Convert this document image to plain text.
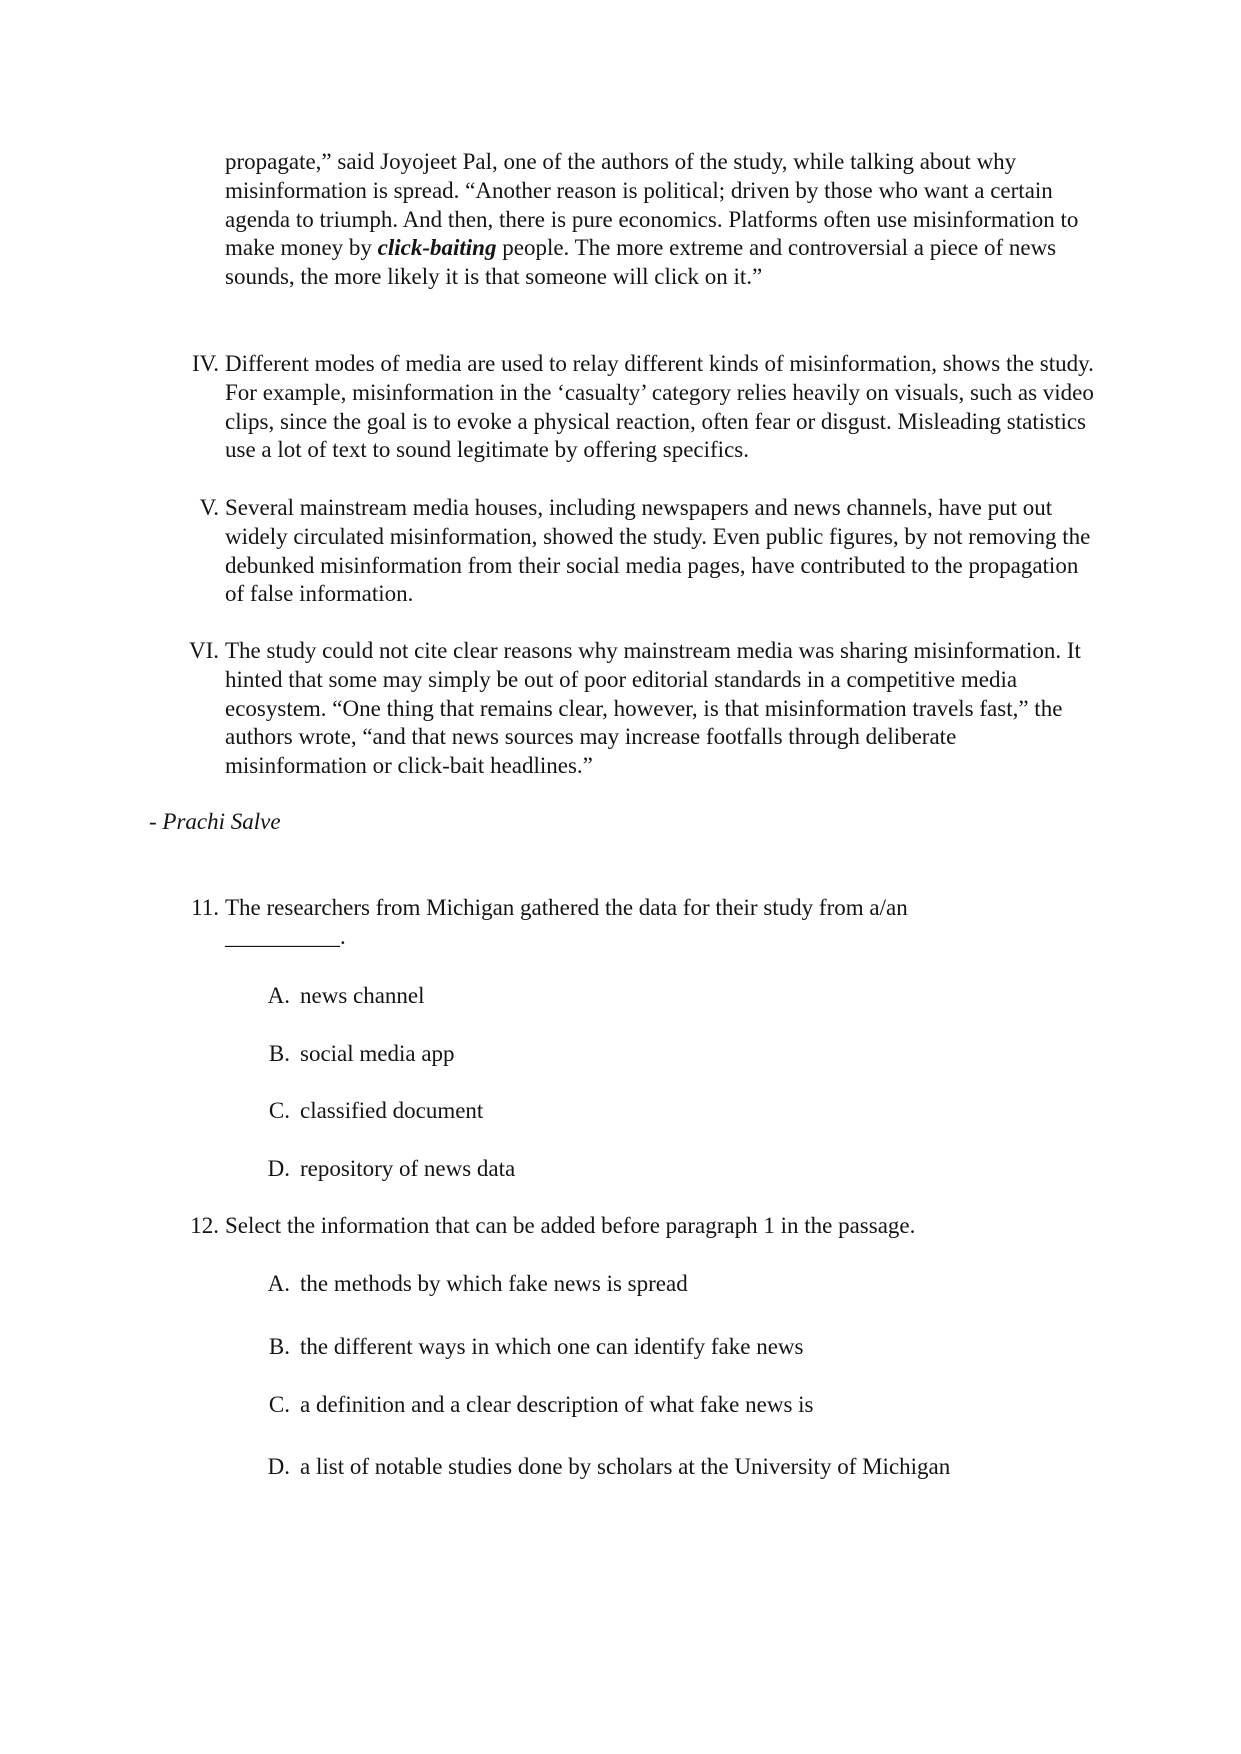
propagate,” said Joyojeet Pal, one of the authors of the study, while talking about why misinformation is spread. “Another reason is political; driven by those who want a certain agenda to triumph. And then, there is pure economics. Platforms often use misinformation to make money by click-baiting people. The more extreme and controversial a piece of news sounds, the more likely it is that someone will click on it.”

IV. Different modes of media are used to relay different kinds of misinformation, shows the study. For example, misinformation in the ‘casualty’ category relies heavily on visuals, such as video clips, since the goal is to evoke a physical reaction, often fear or disgust. Misleading statistics use a lot of text to sound legitimate by offering specifics.
V. Several mainstream media houses, including newspapers and news channels, have put out widely circulated misinformation, showed the study. Even public figures, by not removing the debunked misinformation from their social media pages, have contributed to the propagation of false information.
VI. The study could not cite clear reasons why mainstream media was sharing misinformation. It hinted that some may simply be out of poor editorial standards in a competitive media ecosystem. “One thing that remains clear, however, is that misinformation travels fast,” the authors wrote, “and that news sources may increase footfalls through deliberate misinformation or click-bait headlines.”
- Prachi Salve
11. The researchers from Michigan gathered the data for their study from a/an
__________.
A. news channel
B. social media app
C. classified document
D. repository of news data
12. Select the information that can be added before paragraph 1 in the passage.
A. the methods by which fake news is spread
B. the different ways in which one can identify fake news
C. a definition and a clear description of what fake news is
D. a list of notable studies done by scholars at the University of Michigan
